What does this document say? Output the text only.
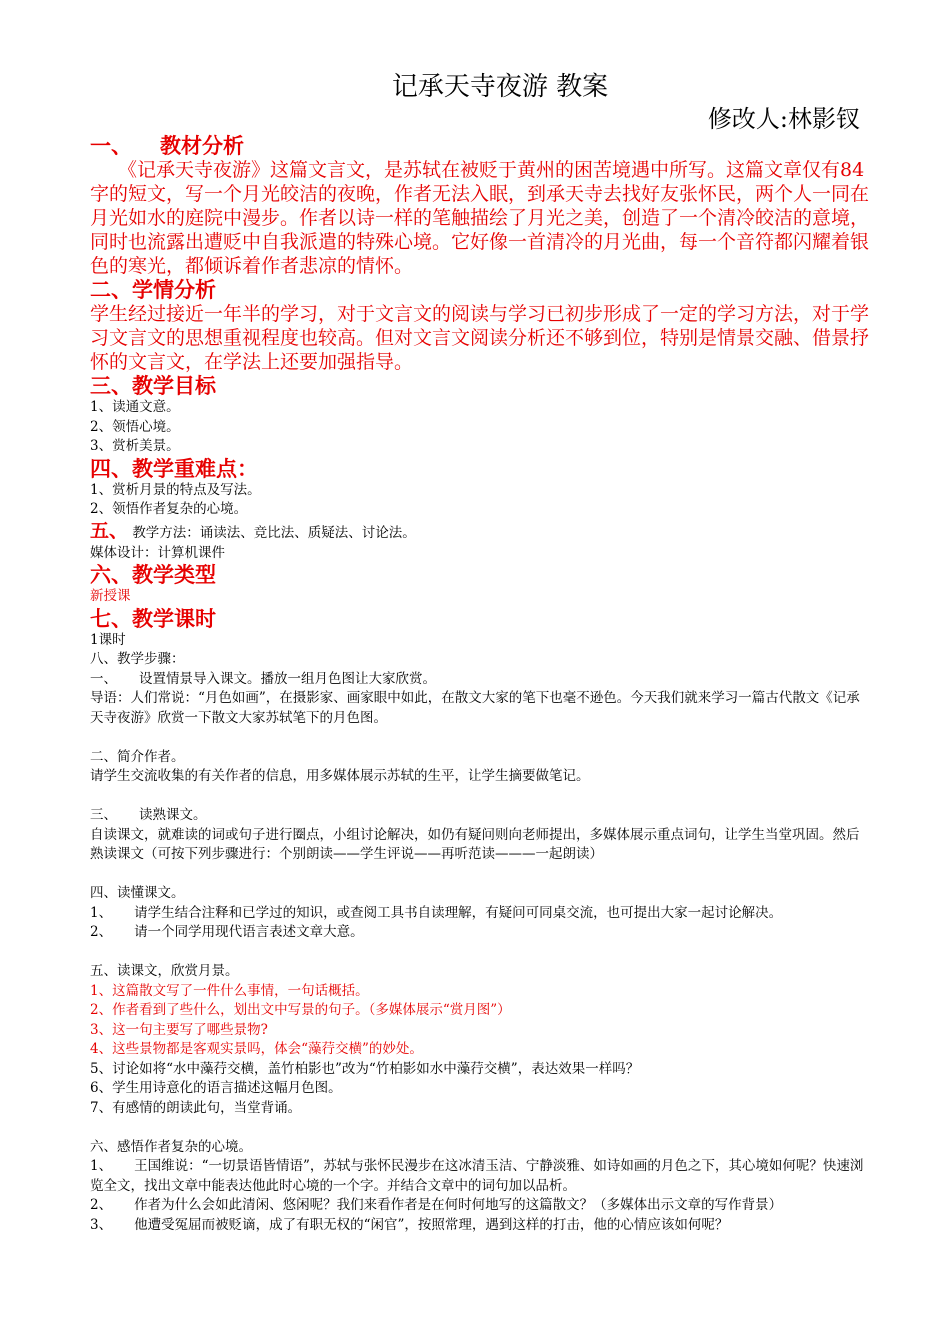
记承天寺夜游 教案

修改人:林影钗

一、 教材分析

《记承天寺夜游》这篇文言文，是苏轼在被贬于黄州的困苦境遇中所写。这篇文章仅有84字的短文，写一个月光皎洁的夜晚，作者无法入眠，到承天寺去找好友张怀民，两个人一同在月光如水的庭院中漫步。作者以诗一样的笔触描绘了月光之美，创造了一个清冷皎洁的意境，同时也流露出遭贬中自我派遣的特殊心境。它好像一首清冷的月光曲，每一个音符都闪耀着银色的寒光，都倾诉着作者悲凉的情怀。

二、学情分析

学生经过接近一年半的学习，对于文言文的阅读与学习已初步形成了一定的学习方法，对于学习文言文的思想重视程度也较高。但对文言文阅读分析还不够到位，特别是情景交融、借景抒怀的文言文，在学法上还要加强指导。

三、教学目标

1、读通文意。

2、领悟心境。

3、赏析美景。

四、教学重难点：

1、赏析月景的特点及写法。

2、领悟作者复杂的心境。

五、 教学方法：诵读法、竞比法、质疑法、讨论法。

媒体设计：计算机课件

六、教学类型

新授课

七、教学课时

1课时

八、教学步骤：

一、 设置情景导入课文。播放一组月色图让大家欣赏。

导语：人们常说：“月色如画”，在摄影家、画家眼中如此，在散文大家的笔下也毫不逊色。今天我们就来学习一篇古代散文《记承天寺夜游》欣赏一下散文大家苏轼笔下的月色图。

二、简介作者。

请学生交流收集的有关作者的信息，用多媒体展示苏轼的生平，让学生摘要做笔记。

三、 读熟课文。

自读课文，就难读的词或句子进行圈点，小组讨论解决，如仍有疑问则向老师提出，多媒体展示重点词句，让学生当堂巩固。然后熟读课文（可按下列步骤进行：个别朗读——学生评说——再听范读———一起朗读）

四、读懂课文。

1、 请学生结合注释和已学过的知识，或查阅工具书自读理解，有疑问可同桌交流，也可提出大家一起讨论解决。

2、 请一个同学用现代语言表述文章大意。

五、读课文，欣赏月景。

1、这篇散文写了一件什么事情，一句话概括。

2、作者看到了些什么，划出文中写景的句子。（多媒体展示“赏月图”）

3、这一句主要写了哪些景物?

4、这些景物都是客观实景吗，体会“藻荇交横”的妙处。

5、讨论如将“水中藻荇交横，盖竹柏影也”改为“竹柏影如水中藻荇交横”，表达效果一样吗？

6、学生用诗意化的语言描述这幅月色图。

7、有感情的朗读此句，当堂背诵。

六、感悟作者复杂的心境。

1、 王国维说：“一切景语皆情语”，苏轼与张怀民漫步在这冰清玉洁、宁静淡雅、如诗如画的月色之下，其心境如何呢？快速浏览全文，找出文章中能表达他此时心境的一个字。并结合文章中的词句加以品析。

2、 作者为什么会如此清闲、悠闲呢？我们来看作者是在何时何地写的这篇散文？（多媒体出示文章的写作背景）

3、 他遭受冤屈而被贬谪，成了有职无权的“闲官”，按照常理，遇到这样的打击，他的心情应该如何呢？
